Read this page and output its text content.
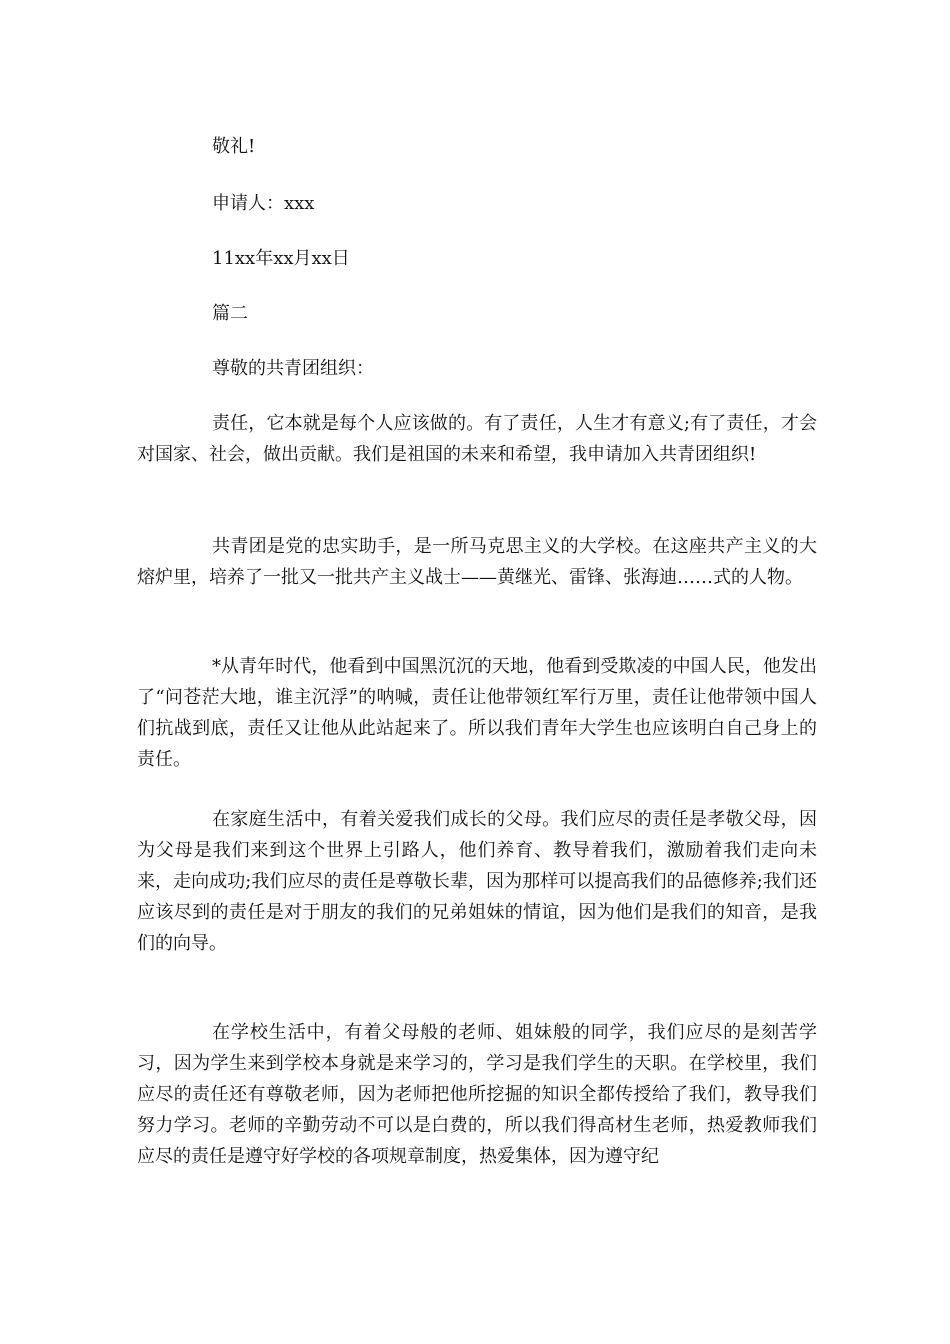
敬礼!
申请人：xxx
11xx年xx月xx日
篇二
尊敬的共青团组织：

责任，它本就是每个人应该做的。有了责任，人生才有意义;有了责任，才会对国家、社会，做出贡献。我们是祖国的未来和希望，我申请加入共青团组织!

共青团是党的忠实助手，是一所马克思主义的大学校。在这座共产主义的大熔炉里，培养了一批又一批共产主义战士——黄继光、雷锋、张海迪……式的人物。

*从青年时代，他看到中国黑沉沉的天地，他看到受欺凌的中国人民，他发出了“问苍茫大地，谁主沉浮”的呐喊，责任让他带领红军行万里，责任让他带领中国人们抗战到底，责任又让他从此站起来了。所以我们青年大学生也应该明白自己身上的责任。

在家庭生活中，有着关爱我们成长的父母。我们应尽的责任是孝敬父母，因为父母是我们来到这个世界上引路人，他们养育、教导着我们，激励着我们走向未来，走向成功;我们应尽的责任是尊敬长辈，因为那样可以提高我们的品德修养;我们还应该尽到的责任是对于朋友的我们的兄弟姐妹的情谊，因为他们是我们的知音，是我们的向导。

在学校生活中，有着父母般的老师、姐妹般的同学，我们应尽的是刻苦学习，因为学生来到学校本身就是来学习的，学习是我们学生的天职。在学校里，我们应尽的责任还有尊敬老师，因为老师把他所挖掘的知识全都传授给了我们，教导我们努力学习。老师的辛勤劳动不可以是白费的，所以我们得高材生老师，热爱教师我们应尽的责任是遵守好学校的各项规章制度，热爱集体，因为遵守纪
